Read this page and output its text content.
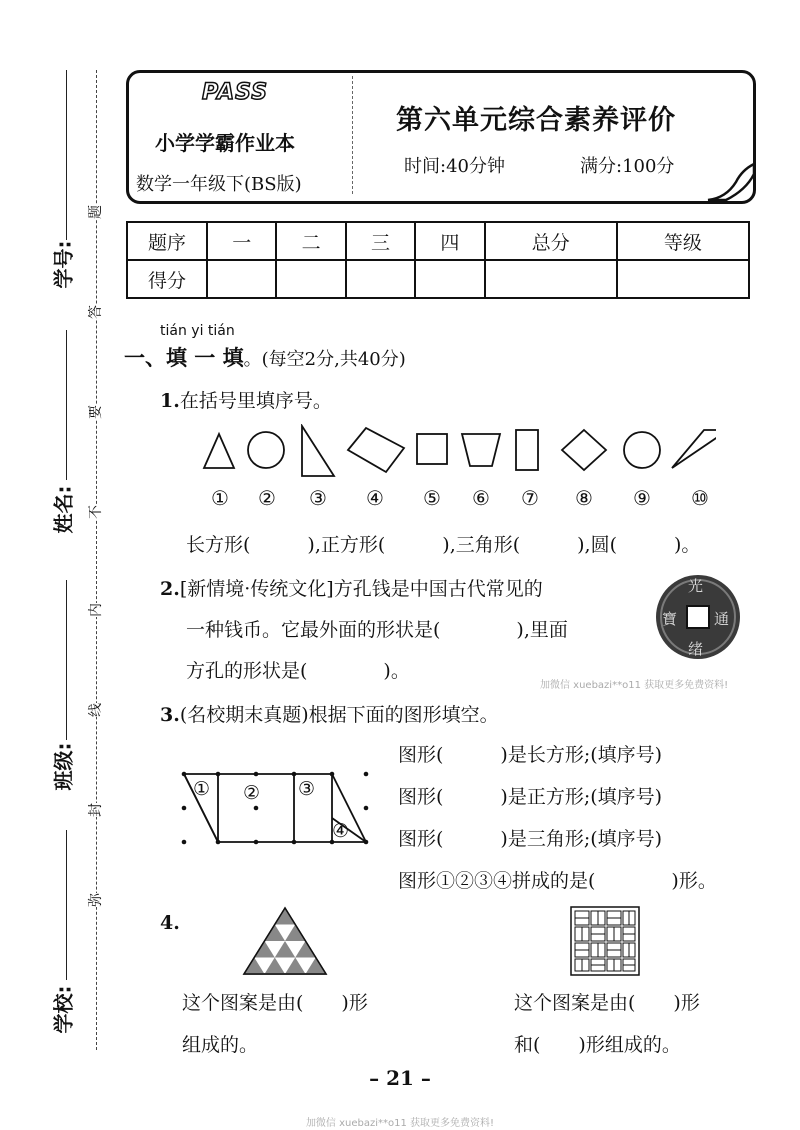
学号:
姓名:
班级:
学校:
题
答
要
不
内
线
封
弥
PASS
小学学霸作业本
数学一年级下(BS版)
第六单元综合素养评价
时间:40分钟	满分:100分
题序	一	二	三	四	总分	等级
得分						
tián yi tián
一、填 一 填。(每空2分,共40分)
1.在括号里填序号。
①	②	③	④	⑤	⑥	⑦	⑧	⑨	⑩
长方形(　　　),正方形(　　　),三角形(　　　),圆(　　　)。
2.[新情境·传统文化]方孔钱是中国古代常见的
一种钱币。它最外面的形状是(　　　　),里面
方孔的形状是(　　　　)。
光
通
绪
寶
加微信 xuebazi**o11 获取更多免费资料!
3.(名校期末真题)根据下面的图形填空。
① ② ③
④
图形(　　　)是长方形;(填序号)
图形(　　　)是正方形;(填序号)
图形(　　　)是三角形;(填序号)
图形①②③④拼成的是(　　　　)形。
4.
这个图案是由(　　)形
组成的。
这个图案是由(　　)形
和(　　)形组成的。
– 21 –
加微信 xuebazi**o11 获取更多免费资料!
